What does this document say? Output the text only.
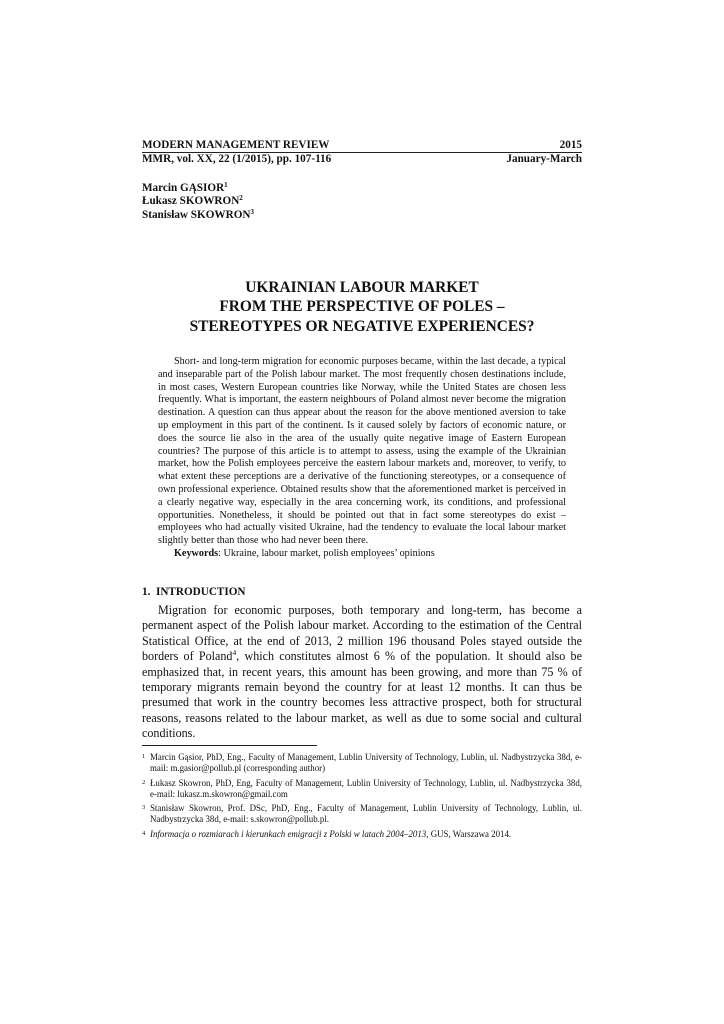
MODERN MANAGEMENT REVIEW	2015
MMR, vol. XX, 22 (1/2015), pp. 107-116	January-March
Marcin GĄSIOR$^1$
Łukasz SKOWRON$^2$
Stanisław SKOWRON$^3$
UKRAINIAN LABOUR MARKET
FROM THE PERSPECTIVE OF POLES –
STEREOTYPES OR NEGATIVE EXPERIENCES?

Short- and long-term migration for economic purposes became, within the last decade, a typical and inseparable part of the Polish labour market. The most frequently chosen destinations include, in most cases, Western European countries like Norway, while the United States are chosen less frequently. What is important, the eastern neighbours of Poland almost never become the migration destination. A question can thus appear about the reason for the above mentioned aversion to take up employment in this part of the continent. Is it caused solely by factors of economic nature, or does the source lie also in the area of the usually quite negative image of Eastern European countries? The purpose of this article is to attempt to assess, using the example of the Ukrainian market, how the Polish employees perceive the eastern labour markets and, moreover, to verify, to what extent these perceptions are a derivative of the functioning stereotypes, or a consequence of own professional experience. Obtained results show that the aforementioned market is perceived in a clearly negative way, especially in the area concerning work, its conditions, and professional opportunities. Nonetheless, it should be pointed out that in fact some stereotypes do exist – employees who had actually visited Ukraine, had the tendency to evaluate the local labour market slightly better than those who had never been there.

Keywords: Ukraine, labour market, polish employees’ opinions

1. INTRODUCTION

Migration for economic purposes, both temporary and long-term, has become a permanent aspect of the Polish labour market. According to the estimation of the Central Statistical Office, at the end of 2013, 2 million 196 thousand Poles stayed outside the borders of Poland$^4$, which constitutes almost 6 % of the population. It should also be emphasized that, in recent years, this amount has been growing, and more than 75 % of temporary migrants remain beyond the country for at least 12 months. It can thus be presumed that work in the country becomes less attractive prospect, both for structural reasons, reasons related to the labour market, as well as due to some social and cultural conditions.

1 Marcin Gąsior, PhD, Eng., Faculty of Management, Lublin University of Technology, Lublin, ul. Nadbystrzycka 38d, e-mail: m.gasior@pollub.pl (corresponding author)
2 Łukasz Skowron, PhD, Eng, Faculty of Management, Lublin University of Technology, Lublin, ul. Nadbystrzycka 38d, e-mail: lukasz.m.skowron@gmail.com
3 Stanisław Skowron, Prof. DSc, PhD, Eng., Faculty of Management, Lublin University of Technology, Lublin, ul. Nadbystrzycka 38d, e-mail: s.skowron@pollub.pl.
4 Informacja o rozmiarach i kierunkach emigracji z Polski w latach 2004–2013, GUS, Warszawa 2014.
